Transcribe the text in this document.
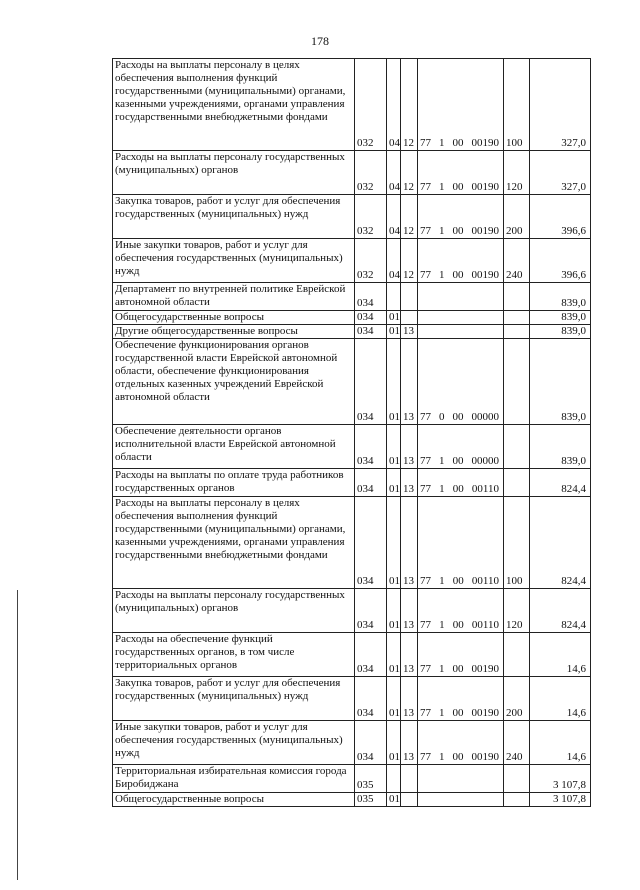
178
Расходы на выплаты персоналу в целях обеспечения выполнения функций государственными (муниципальными) органами, казенными учреждениями, органами управления государственными внебюджетными фондами	032	04	12	77 1 00 00190	100	327,0
Расходы на выплаты персоналу государственных (муниципальных) органов	032	04	12	77 1 00 00190	120	327,0
Закупка товаров, работ и услуг для обеспечения государственных (муниципальных) нужд	032	04	12	77 1 00 00190	200	396,6
Иные закупки товаров, работ и услуг для обеспечения государственных (муниципальных) нужд	032	04	12	77 1 00 00190	240	396,6
Департамент по внутренней политике Еврейской автономной области	034					839,0
Общегосударственные вопросы	034	01				839,0
Другие общегосударственные вопросы	034	01	13			839,0
Обеспечение функционирования органов государственной власти Еврейской автономной области, обеспечение функционирования отдельных казенных учреждений Еврейской автономной области	034	01	13	77 0 00 00000		839,0
Обеспечение деятельности органов исполнительной власти Еврейской автономной области	034	01	13	77 1 00 00000		839,0
Расходы на выплаты по оплате труда работников государственных органов	034	01	13	77 1 00 00110		824,4
Расходы на выплаты персоналу в целях обеспечения выполнения функций государственными (муниципальными) органами, казенными учреждениями, органами управления государственными внебюджетными фондами	034	01	13	77 1 00 00110	100	824,4
Расходы на выплаты персоналу государственных (муниципальных) органов	034	01	13	77 1 00 00110	120	824,4
Расходы на обеспечение функций государственных органов, в том числе территориальных органов	034	01	13	77 1 00 00190		14,6
Закупка товаров, работ и услуг для обеспечения государственных (муниципальных) нужд	034	01	13	77 1 00 00190	200	14,6
Иные закупки товаров, работ и услуг для обеспечения государственных (муниципальных) нужд	034	01	13	77 1 00 00190	240	14,6
Территориальная избирательная комиссия города Биробиджана	035					3 107,8
Общегосударственные вопросы	035	01				3 107,8
